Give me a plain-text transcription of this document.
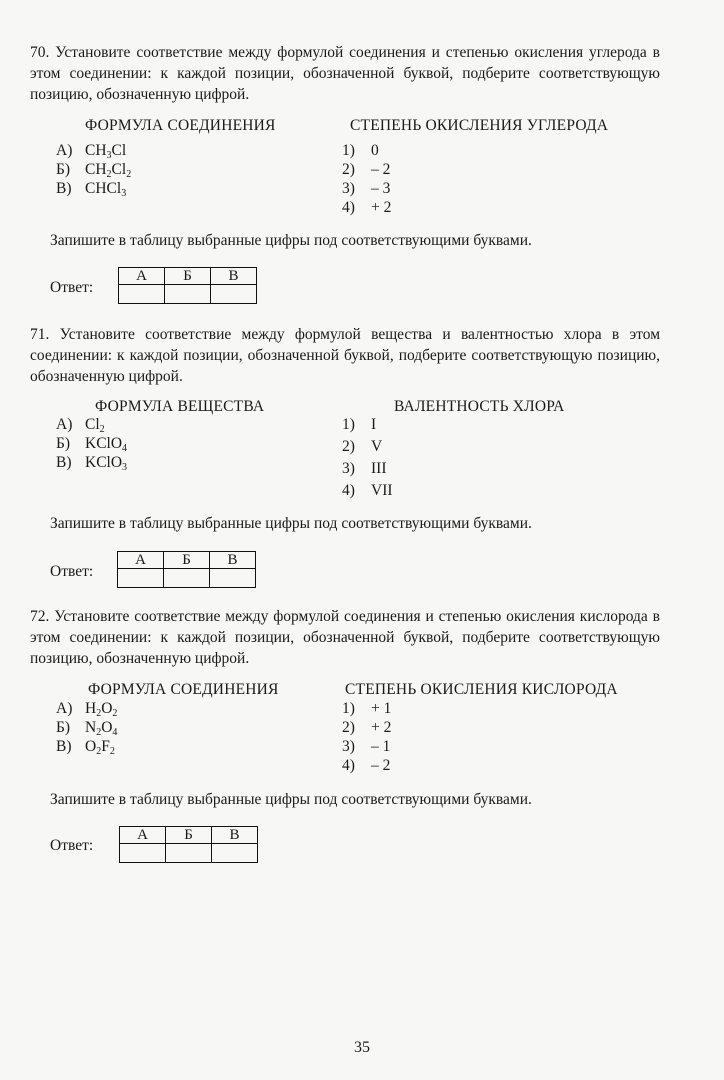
70. Установите соответствие между формулой соединения и степенью окисления углерода в этом соединении: к каждой позиции, обозначенной буквой, подберите соответствующую позицию, обозначенную цифрой.
ФОРМУЛА СОЕДИНЕНИЯ	СТЕПЕНЬ ОКИСЛЕНИЯ УГЛЕРОДА
А) $CH_3Cl$
Б) $CH_2Cl_2$
В) CHCl$_3$
1) 0
2) – 2
3) – 3
4) + 2
Запишите в таблицу выбранные цифры под соответствующими буквами.
Ответ:
А	Б	В

71. Установите соответствие между формулой вещества и валентностью хлора в этом соединении: к каждой позиции, обозначенной буквой, подберите соответствующую позицию, обозначенную цифрой.
ФОРМУЛА ВЕЩЕСТВА	ВАЛЕНТНОСТЬ ХЛОРА
А) $Cl_2$
Б) KClO$_4$
В) KClO$_3$
1) I
2) V
3) III
4) VII
Запишите в таблицу выбранные цифры под соответствующими буквами.
Ответ:
А	Б	В

72. Установите соответствие между формулой соединения и степенью окисления кислорода в этом соединении: к каждой позиции, обозначенной буквой, подберите соответствующую позицию, обозначенную цифрой.
ФОРМУЛА СОЕДИНЕНИЯ	СТЕПЕНЬ ОКИСЛЕНИЯ КИСЛОРОДА
А) $H_2O_2$
Б) $N_2O_4$
В) $O_2F_2$
1) + 1
2) + 2
3) – 1
4) – 2
Запишите в таблицу выбранные цифры под соответствующими буквами.
Ответ:
А	Б	В

35
